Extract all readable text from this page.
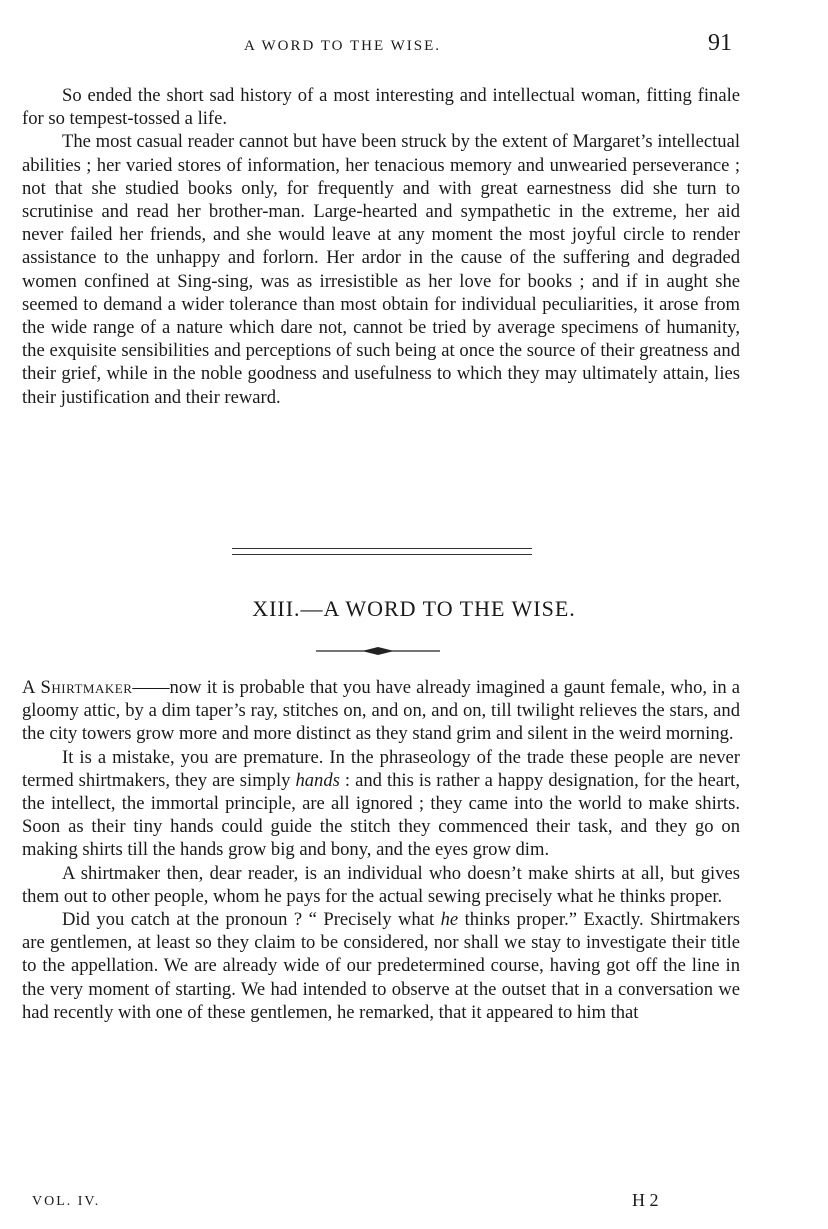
A WORD TO THE WISE.	91

So ended the short sad history of a most interesting and intellectual woman, fitting finale for so tempest-tossed a life.

The most casual reader cannot but have been struck by the extent of Margaret’s intellectual abilities ; her varied stores of information, her tenacious memory and unwearied perseverance ; not that she studied books only, for frequently and with great earnestness did she turn to scrutinise and read her brother-man. Large-hearted and sympathetic in the extreme, her aid never failed her friends, and she would leave at any moment the most joyful circle to render assistance to the unhappy and forlorn. Her ardor in the cause of the suffering and degraded women confined at Sing-sing, was as irresistible as her love for books ; and if in aught she seemed to demand a wider tolerance than most obtain for individual peculiarities, it arose from the wide range of a nature which dare not, cannot be tried by average specimens of humanity, the exquisite sensibilities and perceptions of such being at once the source of their greatness and their grief, while in the noble goodness and usefulness to which they may ultimately attain, lies their justification and their reward.

XIII.—A WORD TO THE WISE.

A Shirtmaker——now it is probable that you have already imagined a gaunt female, who, in a gloomy attic, by a dim taper’s ray, stitches on, and on, and on, till twilight relieves the stars, and the city towers grow more and more distinct as they stand grim and silent in the weird morning.

It is a mistake, you are premature. In the phraseology of the trade these people are never termed shirtmakers, they are simply hands : and this is rather a happy designation, for the heart, the intellect, the immortal principle, are all ignored ; they came into the world to make shirts. Soon as their tiny hands could guide the stitch they commenced their task, and they go on making shirts till the hands grow big and bony, and the eyes grow dim.

A shirtmaker then, dear reader, is an individual who doesn’t make shirts at all, but gives them out to other people, whom he pays for the actual sewing precisely what he thinks proper.

Did you catch at the pronoun ? “ Precisely what he thinks proper.” Exactly. Shirtmakers are gentlemen, at least so they claim to be considered, nor shall we stay to investigate their title to the appellation. We are already wide of our predetermined course, having got off the line in the very moment of starting. We had intended to observe at the outset that in a conversation we had recently with one of these gentlemen, he remarked, that it appeared to him that

VOL. IV.	H 2
